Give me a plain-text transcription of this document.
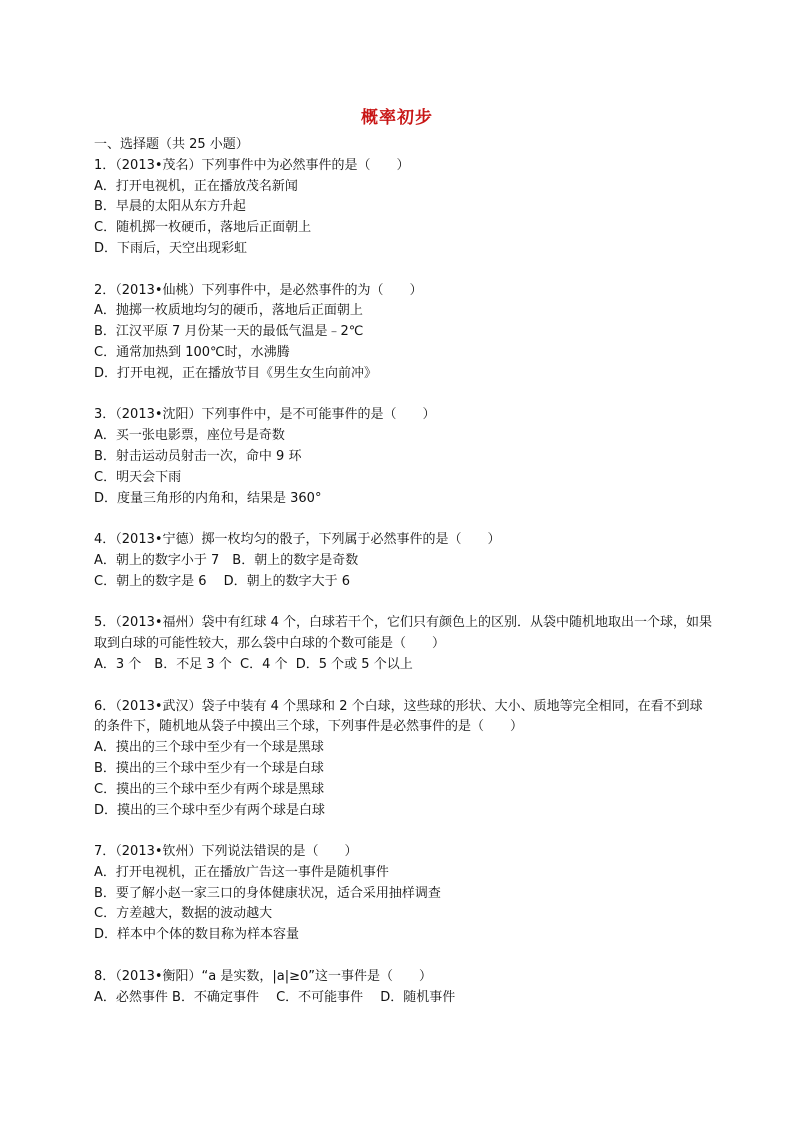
概率初步

一、选择题（共 25 小题）

1．（2013•茂名）下列事件中为必然事件的是（　　）

A．打开电视机，正在播放茂名新闻

B．早晨的太阳从东方升起

C．随机掷一枚硬币，落地后正面朝上

D．下雨后，天空出现彩虹

2．（2013•仙桃）下列事件中，是必然事件的为（　　）

A．抛掷一枚质地均匀的硬币，落地后正面朝上

B．江汉平原 7 月份某一天的最低气温是﹣2℃

C．通常加热到 100℃时，水沸腾

D．打开电视，正在播放节目《男生女生向前冲》

3．（2013•沈阳）下列事件中，是不可能事件的是（　　）

A．买一张电影票，座位号是奇数

B．射击运动员射击一次，命中 9 环

C．明天会下雨

D．度量三角形的内角和，结果是 360°

4．（2013•宁德）掷一枚均匀的骰子，下列属于必然事件的是（　　）

A．朝上的数字小于 7　B．朝上的数字是奇数

C．朝上的数字是 6　 D．朝上的数字大于 6

5．（2013•福州）袋中有红球 4 个，白球若干个，它们只有颜色上的区别．从袋中随机地取出一个球，如果取到白球的可能性较大，那么袋中白球的个数可能是（　　）

A．3 个　B．不足 3 个  C．4 个  D．5 个或 5 个以上

6．（2013•武汉）袋子中装有 4 个黑球和 2 个白球，这些球的形状、大小、质地等完全相同，在看不到球的条件下，随机地从袋子中摸出三个球，下列事件是必然事件的是（　　）

A．摸出的三个球中至少有一个球是黑球

B．摸出的三个球中至少有一个球是白球

C．摸出的三个球中至少有两个球是黑球

D．摸出的三个球中至少有两个球是白球

7．（2013•钦州）下列说法错误的是（　　）

A．打开电视机，正在播放广告这一事件是随机事件

B．要了解小赵一家三口的身体健康状况，适合采用抽样调查

C．方差越大，数据的波动越大

D．样本中个体的数目称为样本容量

8．（2013•衡阳）“a 是实数，|a|≥0”这一事件是（　　）

A．必然事件 B．不确定事件　 C．不可能事件　 D．随机事件
